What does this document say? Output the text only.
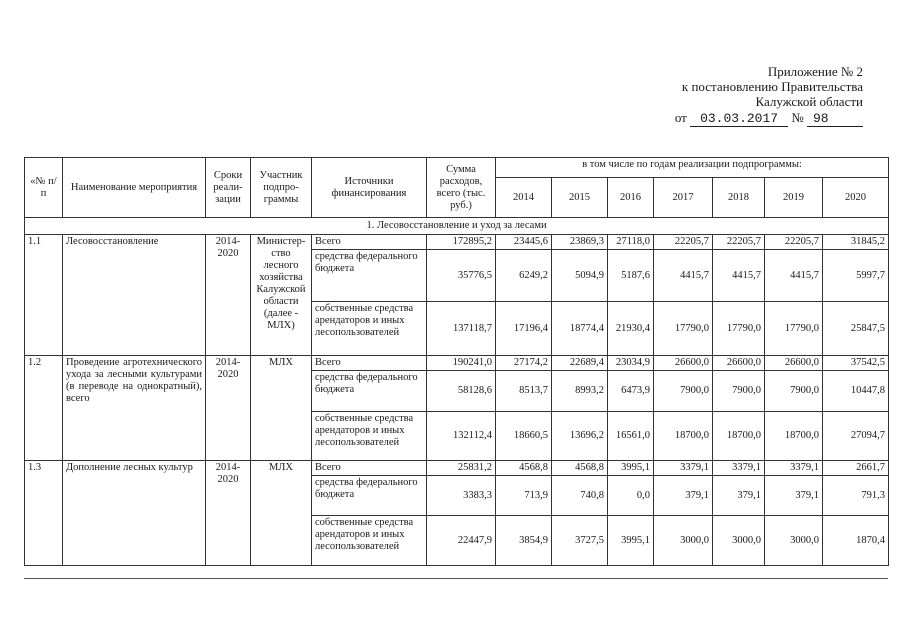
Приложение № 2
к постановлению Правительства
Калужской области
от 03.03.2017 № 98
«№ п/п	Наименование мероприятия	Сроки реали-зации	Участник подпро-граммы	Источники финансирования	Сумма расходов, всего (тыс. руб.)	в том числе по годам реализации подпрограммы:						
						2014	2015	2016	2017	2018	2019	2020
1. Лесовосстановление и уход за лесами												
1.1	Лесовосстановление	2014-2020	Министер-ство лесного хозяйства Калужской области (далее - МЛХ)	Всего	172895,2	23445,6	23869,3	27118,0	22205,7	22205,7	22205,7	31845,2
				средства федерального бюджета	35776,5	6249,2	5094,9	5187,6	4415,7	4415,7	4415,7	5997,7
				собственные средства арендаторов и иных лесопользователей	137118,7	17196,4	18774,4	21930,4	17790,0	17790,0	17790,0	25847,5
1.2	Проведение агротехнического ухода за лесными культурами (в переводе на однократный), всего	2014-2020	МЛХ	Всего	190241,0	27174,2	22689,4	23034,9	26600,0	26600,0	26600,0	37542,5
				средства федерального бюджета	58128,6	8513,7	8993,2	6473,9	7900,0	7900,0	7900,0	10447,8
				собственные средства арендаторов и иных лесопользователей	132112,4	18660,5	13696,2	16561,0	18700,0	18700,0	18700,0	27094,7
1.3	Дополнение лесных культур	2014-2020	МЛХ	Всего	25831,2	4568,8	4568,8	3995,1	3379,1	3379,1	3379,1	2661,7
				средства федерального бюджета	3383,3	713,9	740,8	0,0	379,1	379,1	379,1	791,3
				собственные средства арендаторов и иных лесопользователей	22447,9	3854,9	3727,5	3995,1	3000,0	3000,0	3000,0	1870,4
